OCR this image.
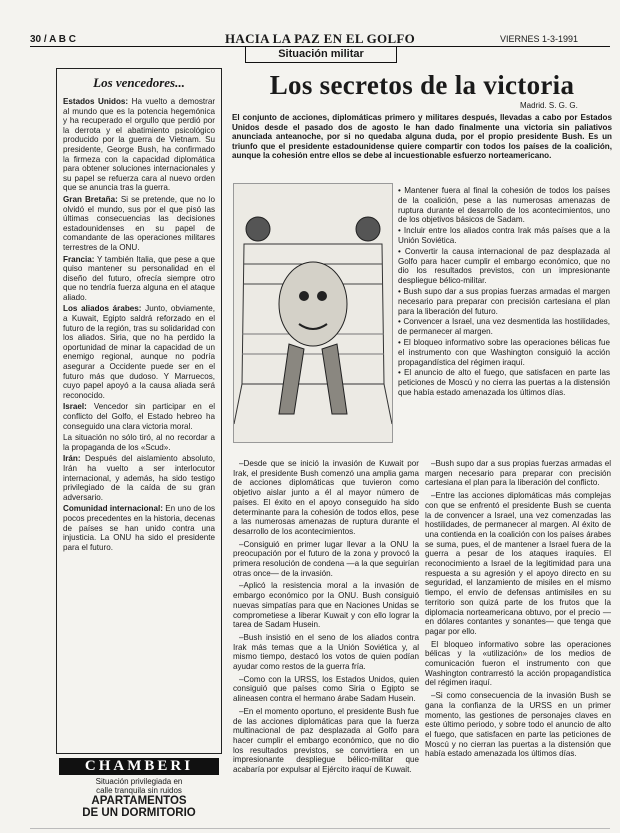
30 / A B C	HACIA LA PAZ EN EL GOLFO	VIERNES 1-3-1991
Situación militar
Los vencedores...

Estados Unidos: Ha vuelto a demostrar al mundo que es la potencia hegemónica y ha recuperado el orgullo que perdió por la derrota y el abatimiento psicológico producido por la guerra de Vietnam. Su presidente, George Bush, ha confirmado la firmeza con la capacidad diplomática para obtener soluciones internacionales y su papel se refuerza cara al nuevo orden que se anuncia tras la guerra.

Gran Bretaña: Si se pretende, que no lo olvidó el mundo, sus por el que pisó las últimas consecuencias las decisiones estadounidenses en su papel de comandante de las operaciones militares terrestres de la ONU.

Francia: Y también Italia, que pese a que quiso mantener su personalidad en el diseño del futuro, ofrecía siempre otro que no tendría fuerza alguna en el ataque aliado.

Los aliados árabes: Junto, obviamente, a Kuwait, Egipto saldrá reforzado en el futuro de la región, tras su solidaridad con los aliados. Siria, que no ha perdido la oportunidad de minar la capacidad de un enemigo regional, aunque no podría asegurar a Occidente puede ser en el futuro más que dudoso. Y Marruecos, cuyo papel apoyó a la causa aliada será reconocido.

Israel: Vencedor sin participar en el conflicto del Golfo, el Estado hebreo ha conseguido una clara victoria moral.

La situación no sólo tiró, al no recordar a la propaganda de los «Scud».

Irán: Después del aislamiento absoluto, Irán ha vuelto a ser interlocutor internacional, y además, ha sido testigo privilegiado de la caída de su gran adversario.

Comunidad internacional: En uno de los pocos precedentes en la historia, decenas de países se han unido contra una injusticia. La ONU ha sido el presidente para el futuro.

CHAMBERI
Situación privilegiada en
calle tranquila sin ruidos
APARTAMENTOS
DE UN DORMITORIO
Los secretos de la victoria
Madrid. S. G. G.
El conjunto de acciones, diplomáticas primero y militares después, llevadas a cabo por Estados Unidos desde el pasado dos de agosto le han dado finalmente una victoria sin paliativos anunciada anteanoche, por si no quedaba alguna duda, por el propio presidente Bush. Es un triunfo que el presidente estadounidense quiere compartir con todos los países de la coalición, aunque la cohesión entre ellos se debe al incuestionable esfuerzo norteamericano.

• Mantener fuera al final la cohesión de todos los países de la coalición, pese a las numerosas amenazas de ruptura durante el desarrollo de los acontecimientos, uno de los objetivos básicos de Sadam.

• Incluir entre los aliados contra Irak más países que a la Unión Soviética.

• Convertir la causa internacional de paz desplazada al Golfo para hacer cumplir el embargo económico, que no dio los resultados previstos, con un impresionante despliegue bélico-militar.

• Bush supo dar a sus propias fuerzas armadas el margen necesario para preparar con precisión cartesiana el plan para la liberación del futuro.

• Convencer a Israel, una vez desmentida las hostilidades, de permanecer al margen.

• El bloqueo informativo sobre las operaciones bélicas fue el instrumento con que Washington consiguió la acción propagandística del régimen iraquí.

• El anuncio de alto el fuego, que satisfacen en parte las peticiones de Moscú y no cierra las puertas a la distensión que había estado amenazada los últimos días.

–Desde que se inició la invasión de Kuwait por Irak, el presidente Bush comenzó una amplia gama de acciones diplomáticas que tuvieron como objetivo aislar junto a él al mayor número de países. El éxito en el apoyo conseguido ha sido determinante para la cohesión de todos ellos, pese a las numerosas amenazas de ruptura durante el desarrollo de los acontecimientos.

–Consiguió en primer lugar llevar a la ONU la preocupación por el futuro de la zona y provocó la primera resolución de condena —a la que seguirían otras once— de la invasión.

–Aplicó la resistencia moral a la invasión de embargo económico por la ONU. Bush consiguió nuevas simpatías para que en Naciones Unidas se comprometiese a liberar Kuwait y con ello lograr la tarea de Sadam Husein.

–Bush insistió en el seno de los aliados contra Irak más temas que a la Unión Soviética y, al mismo tiempo, destacó los votos de quien podían ayudar como restos de la guerra fría.

–Como con la URSS, los Estados Unidos, quien consiguió que países como Siria o Egipto se alineasen contra el hermano árabe Sadam Husein.

–En el momento oportuno, el presidente Bush fue de las acciones diplomáticas para que la fuerza multinacional de paz desplazada al Golfo para hacer cumplir el embargo económico, que no dio los resultados previstos, se convirtiera en un impresionante despliegue bélico-militar que acabaría por expulsar al Ejército iraquí de Kuwait.

–Bush supo dar a sus propias fuerzas armadas el margen necesario para preparar con precisión cartesiana el plan para la liberación del conflicto.

–Entre las acciones diplomáticas más complejas con que se enfrentó el presidente Bush se cuenta la de convencer a Israel, una vez comenzadas las hostilidades, de permanecer al margen. Al éxito de una contienda en la coalición con los países árabes se suma, pues, el de mantener a Israel fuera de la guerra a pesar de los ataques iraquíes. El reconocimiento a Israel de la legitimidad para una respuesta a su agresión y el apoyo directo en su seguridad, el lanzamiento de misiles en el mismo tiempo, el envío de defensas antimisiles en su territorio son quizá parte de los frutos que la diplomacia norteamericana obtuvo, por el precio —en dólares contantes y sonantes— que tenga que pagar por ello.

El bloqueo informativo sobre las operaciones bélicas y la «utilización» de los medios de comunicación fueron el instrumento con que Washington contrarrestó la acción propagandística del régimen iraquí.

–Si como consecuencia de la invasión Bush se gana la confianza de la URSS en un primer momento, las gestiones de personajes claves en este último periodo, y sobre todo el anuncio de alto el fuego, que satisfacen en parte las peticiones de Moscú y no cierran las puertas a la distensión que había estado amenazada los últimos días.
